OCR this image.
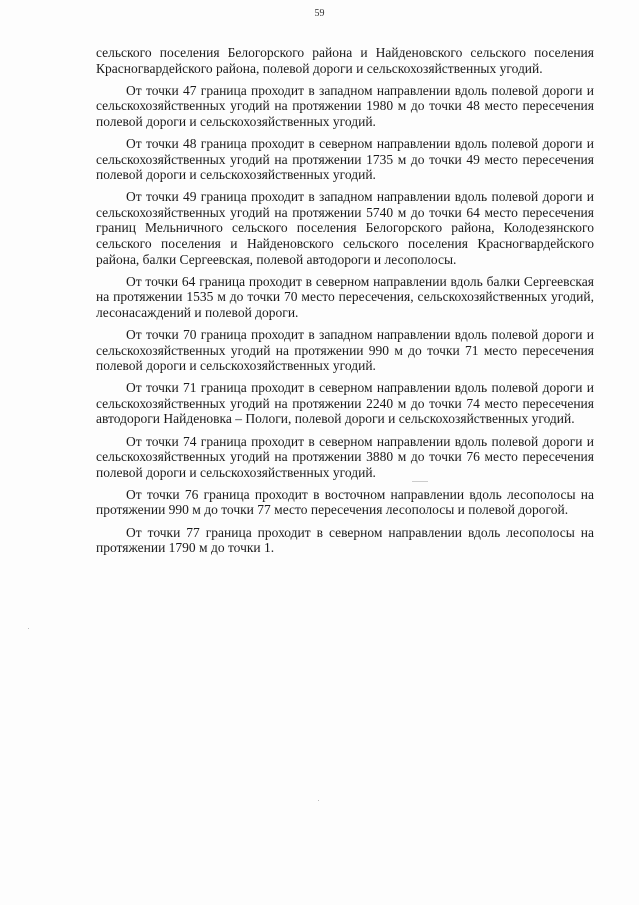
59

сельского поселения Белогорского района и Найденовского сельского поселения Красногвардейского района, полевой дороги и сельскохозяйственных угодий.

От точки 47 граница проходит в западном направлении вдоль полевой дороги и сельскохозяйственных угодий на протяжении 1980 м до точки 48 место пересечения полевой дороги и сельскохозяйственных угодий.

От точки 48 граница проходит в северном направлении вдоль полевой дороги и сельскохозяйственных угодий на протяжении 1735 м до точки 49 место пересечения полевой дороги и сельскохозяйственных угодий.

От точки 49 граница проходит в западном направлении вдоль полевой дороги и сельскохозяйственных угодий на протяжении 5740 м до точки 64 место пересечения границ Мельничного сельского поселения Белогорского района, Колодезянского сельского поселения и Найденовского сельского поселения Красногвардейского района, балки Сергеевская, полевой автодороги и лесополосы.

От точки 64 граница проходит в северном направлении вдоль балки Сергеевская на протяжении 1535 м до точки 70 место пересечения, сельскохозяйственных угодий, лесонасаждений и полевой дороги.

От точки 70 граница проходит в западном направлении вдоль полевой дороги и сельскохозяйственных угодий на протяжении 990 м до точки 71 место пересечения полевой дороги и сельскохозяйственных угодий.

От точки 71 граница проходит в северном направлении вдоль полевой дороги и сельскохозяйственных угодий на протяжении 2240 м до точки 74 место пересечения автодороги Найденовка – Пологи, полевой дороги и сельскохозяйственных угодий.

От точки 74 граница проходит в северном направлении вдоль полевой дороги и сельскохозяйственных угодий на протяжении 3880 м до точки 76 место пересечения полевой дороги и сельскохозяйственных угодий.

От точки 76 граница проходит в восточном направлении вдоль лесополосы на протяжении 990 м до точки 77 место пересечения лесополосы и полевой дорогой.

От точки 77 граница проходит в северном направлении вдоль лесополосы на протяжении 1790 м до точки 1.
